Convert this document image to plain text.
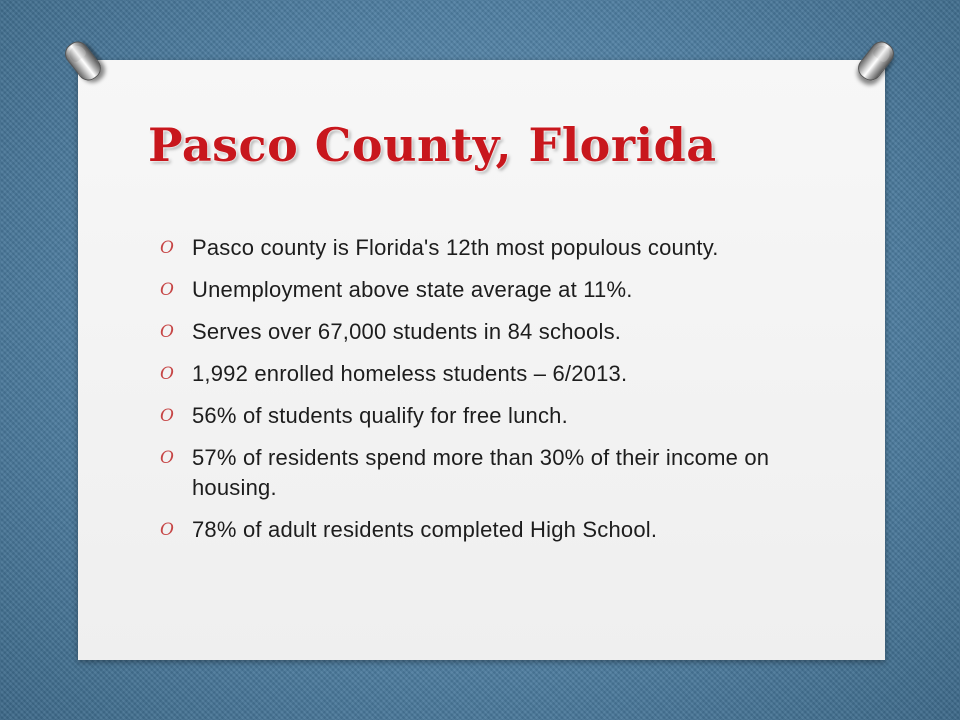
Pasco County, Florida
O Pasco county is Florida's 12th most populous county.
O Unemployment above state average at 11%.
O Serves over 67,000 students in 84 schools.
O 1,992 enrolled homeless students – 6/2013.
O 56% of students qualify for free lunch.
O 57% of residents spend more than 30% of their income on housing.
O 78% of adult residents completed High School.
